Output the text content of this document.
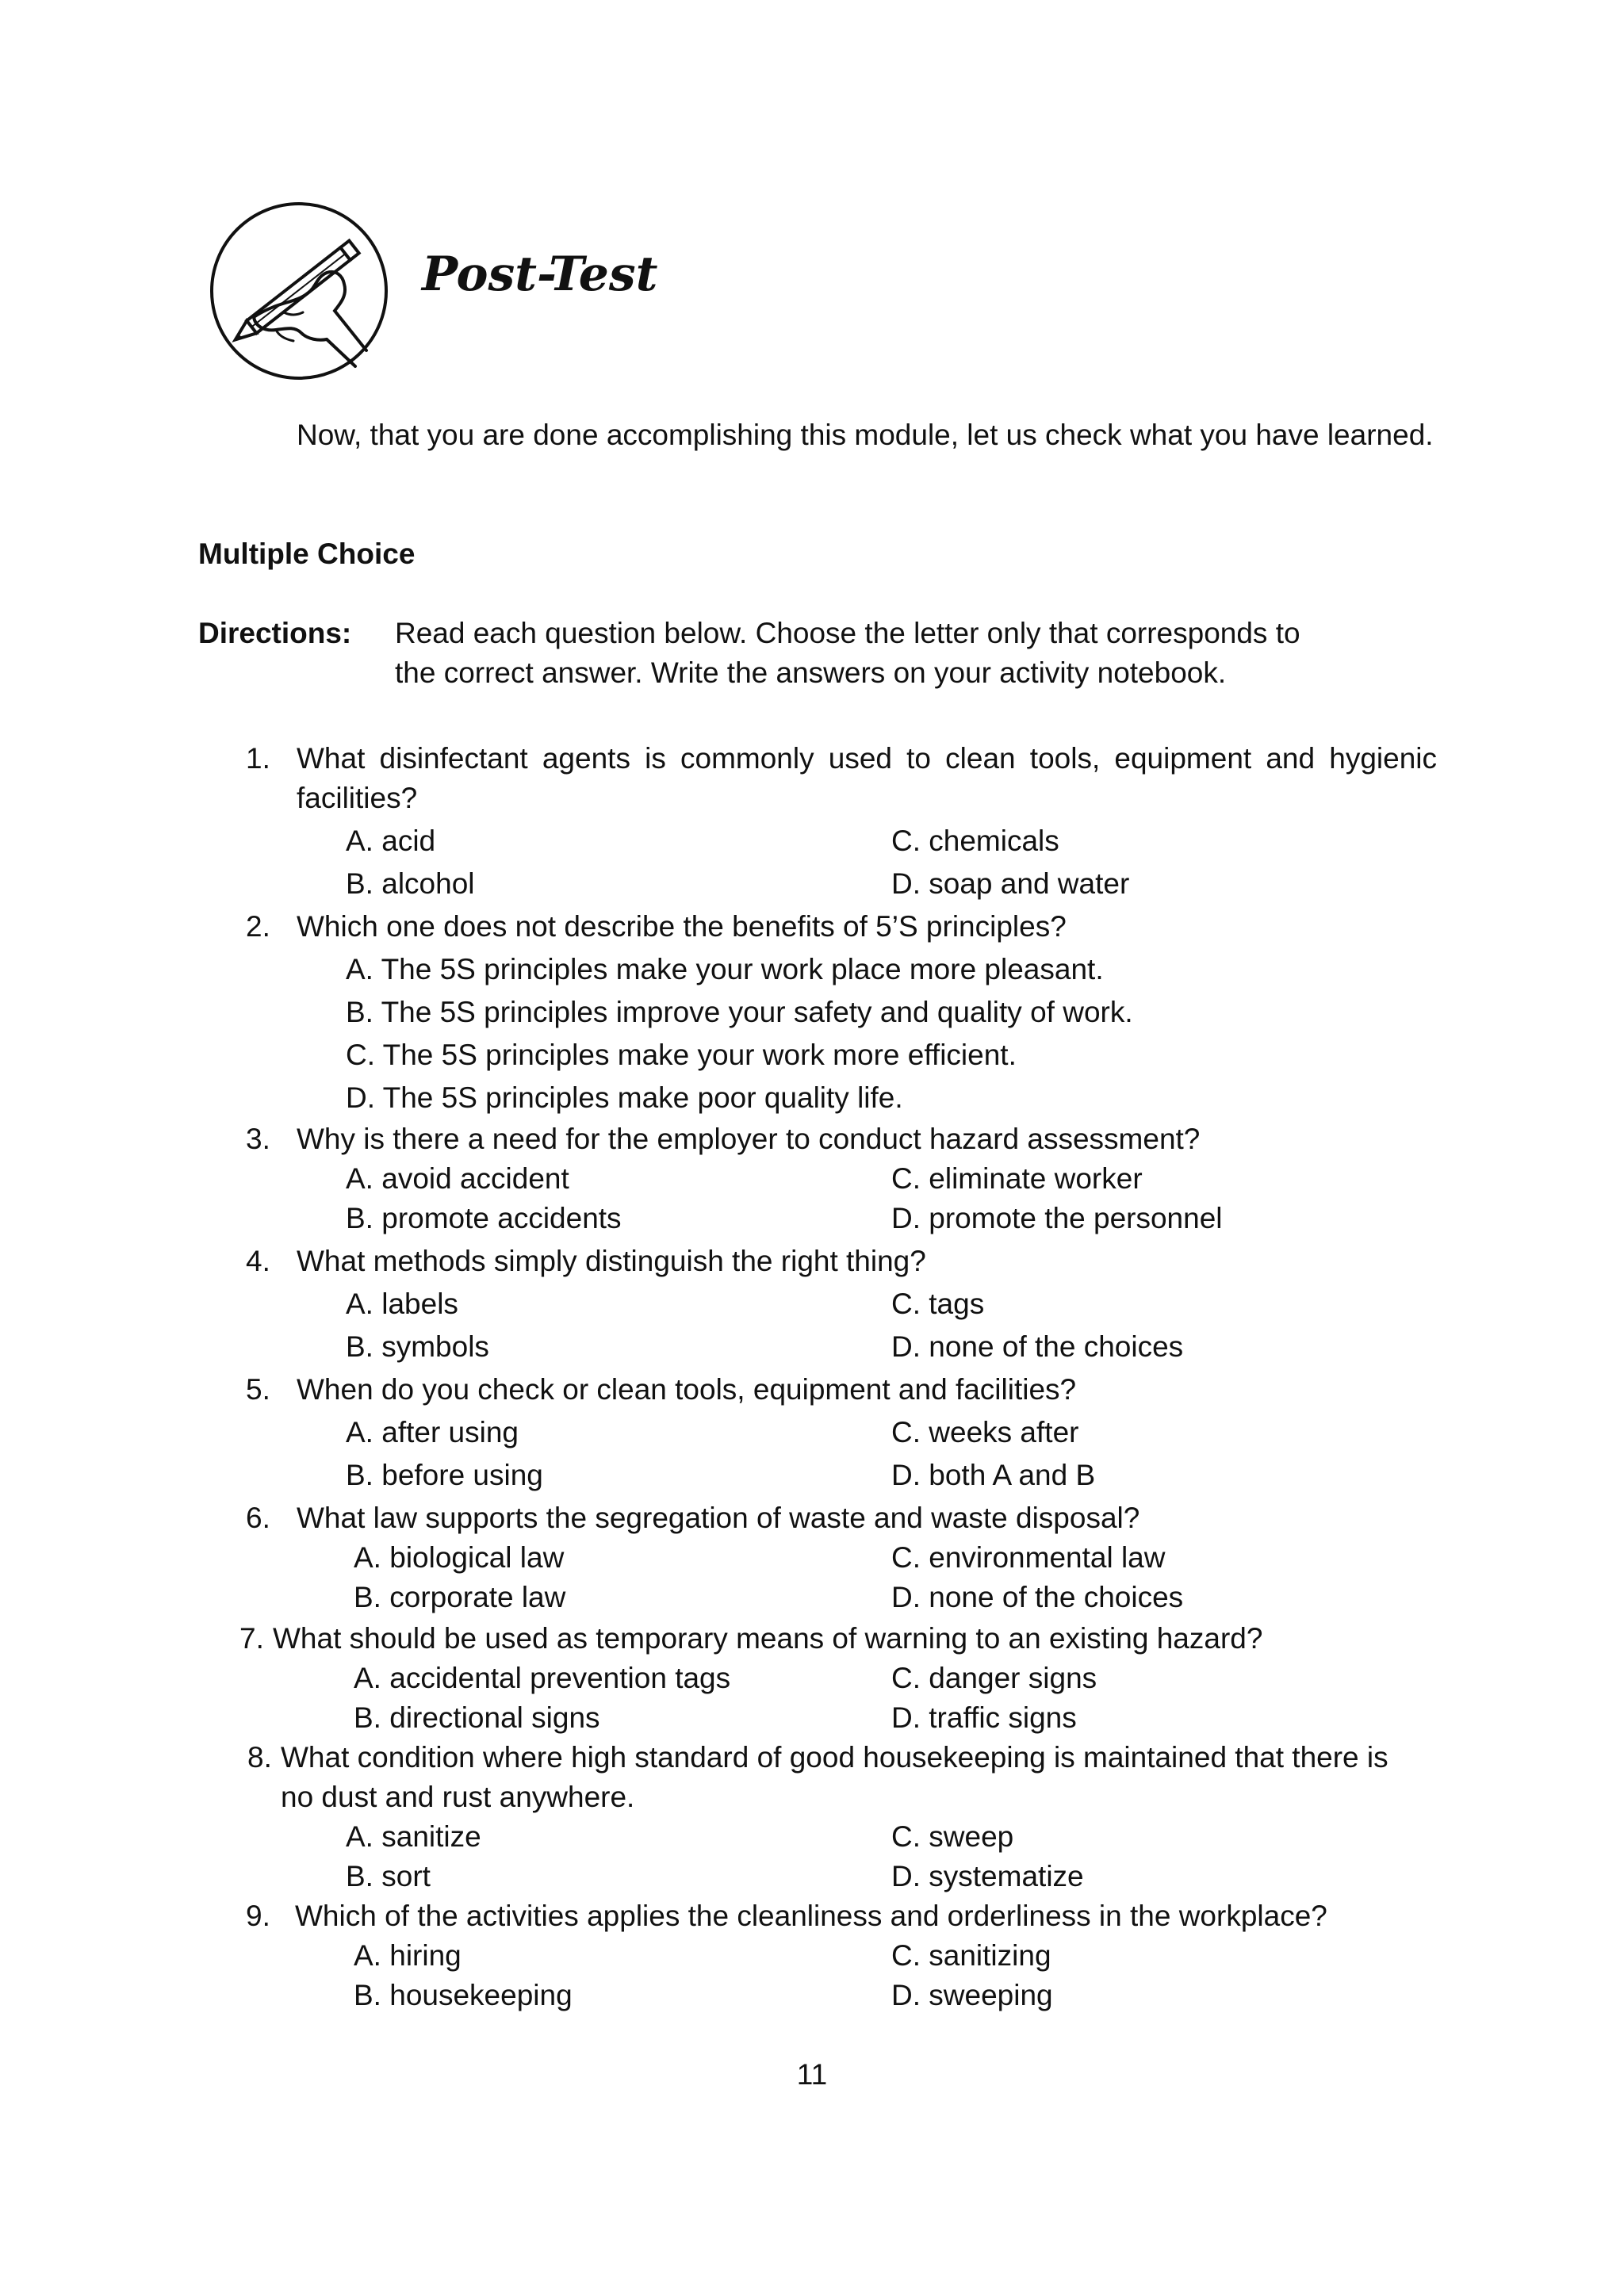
Post-Test

Now, that you are done accomplishing this module, let us check what you have learned.

Multiple Choice

Directions: Read each question below. Choose the letter only that corresponds to
the correct answer. Write the answers on your activity notebook.

1. What disinfectant agents is commonly used to clean tools, equipment and hygienic facilities?

A. acid
B. alcohol
C. chemicals
D. soap and water
2. Which one does not describe the benefits of 5’S principles?
A. The 5S principles make your work place more pleasant.
B. The 5S principles improve your safety and quality of work.
C. The 5S principles make your work more efficient.
D. The 5S principles make poor quality life.
3. Why is there a need for the employer to conduct hazard assessment?
A. avoid accident
B. promote accidents
C. eliminate worker
D. promote the personnel
4. What methods simply distinguish the right thing?
A. labels
B. symbols
C. tags
D. none of the choices
5. When do you check or clean tools, equipment and facilities?
A. after using
B. before using
C. weeks after
D. both A and B
6. What law supports the segregation of waste and waste disposal?
A. biological law
B. corporate law
C. environmental law
D. none of the choices
7. What should be used as temporary means of warning to an existing hazard?
A. accidental prevention tags
B. directional signs
C. danger signs
D. traffic signs
8. What condition where high standard of good housekeeping is maintained that there is
no dust and rust anywhere.
A. sanitize
B. sort
C. sweep
D. systematize
9. Which of the activities applies the cleanliness and orderliness in the workplace?
A. hiring
B. housekeeping
C. sanitizing
D. sweeping
11
